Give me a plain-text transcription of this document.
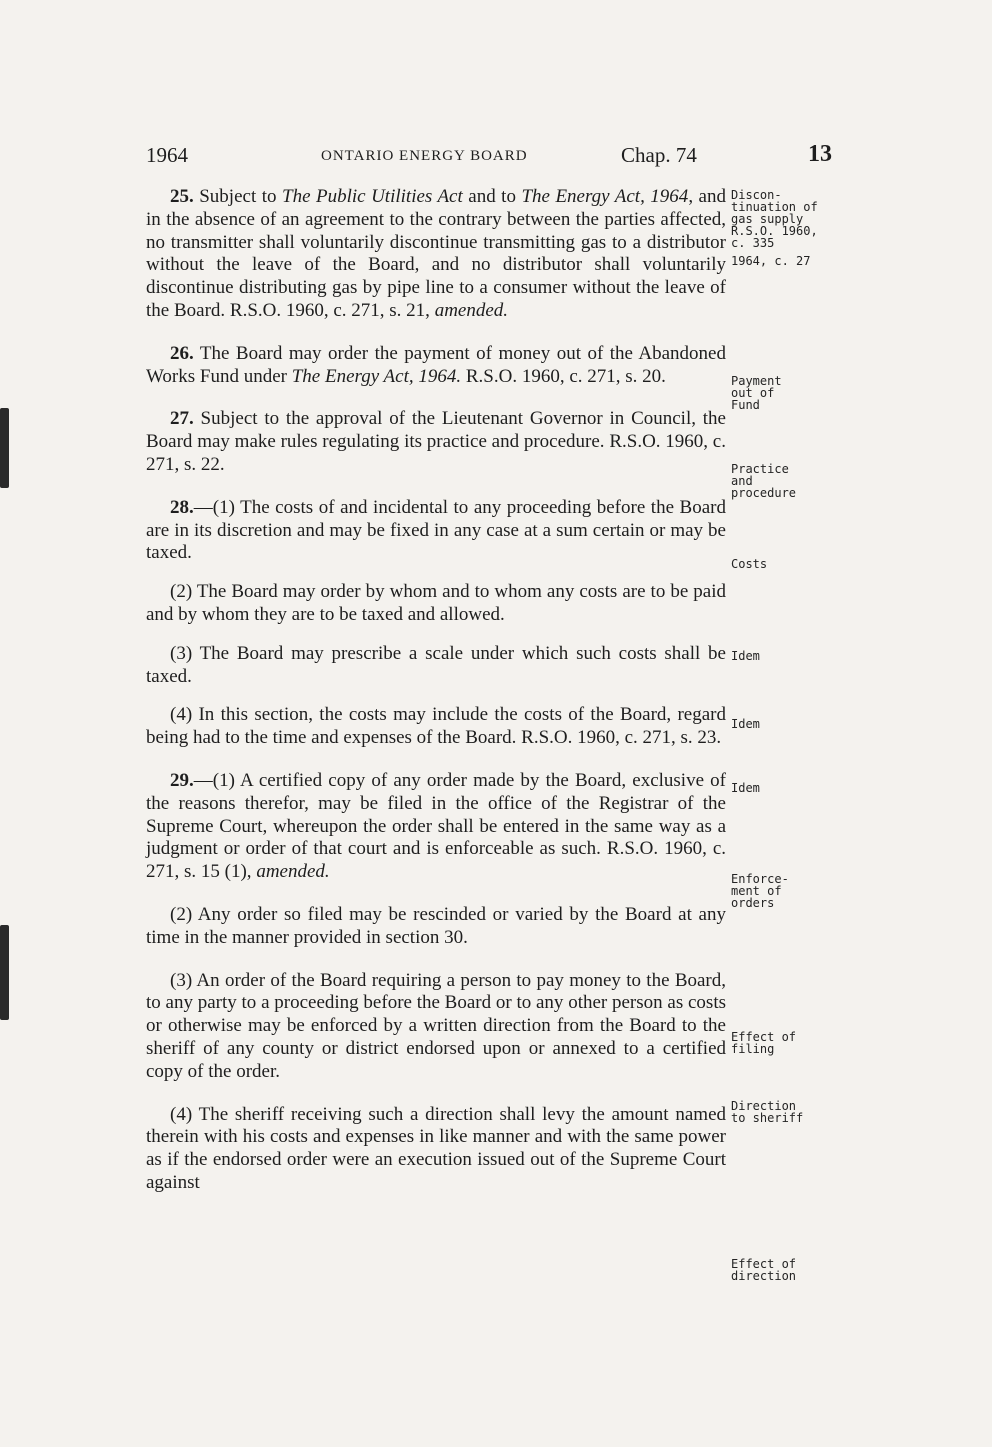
1964	ONTARIO ENERGY BOARD	Chap. 74	13

25. Subject to The Public Utilities Act and to The Energy Act, 1964, and in the absence of an agreement to the contrary between the parties affected, no transmitter shall voluntarily discontinue transmitting gas to a distributor without the leave of the Board, and no distributor shall voluntarily discontinue distributing gas by pipe line to a consumer without the leave of the Board. R.S.O. 1960, c. 271, s. 21, amended.

26. The Board may order the payment of money out of the Abandoned Works Fund under The Energy Act, 1964. R.S.O. 1960, c. 271, s. 20.

27. Subject to the approval of the Lieutenant Governor in Council, the Board may make rules regulating its practice and procedure. R.S.O. 1960, c. 271, s. 22.

28.—(1) The costs of and incidental to any proceeding before the Board are in its discretion and may be fixed in any case at a sum certain or may be taxed.

(2) The Board may order by whom and to whom any costs are to be paid and by whom they are to be taxed and allowed.

(3) The Board may prescribe a scale under which such costs shall be taxed.

(4) In this section, the costs may include the costs of the Board, regard being had to the time and expenses of the Board. R.S.O. 1960, c. 271, s. 23.

29.—(1) A certified copy of any order made by the Board, exclusive of the reasons therefor, may be filed in the office of the Registrar of the Supreme Court, whereupon the order shall be entered in the same way as a judgment or order of that court and is enforceable as such. R.S.O. 1960, c. 271, s. 15 (1), amended.

(2) Any order so filed may be rescinded or varied by the Board at any time in the manner provided in section 30.

(3) An order of the Board requiring a person to pay money to the Board, to any party to a proceeding before the Board or to any other person as costs or otherwise may be enforced by a written direction from the Board to the sheriff of any county or district endorsed upon or annexed to a certified copy of the order.

(4) The sheriff receiving such a direction shall levy the amount named therein with his costs and expenses in like manner and with the same power as if the endorsed order were an execution issued out of the Supreme Court against

Discon-
tinuation of
gas supply
R.S.O. 1960,
c. 335
1964, c. 27
Payment
out of
Fund
Practice
and
procedure
Costs
Idem
Idem
Idem
Enforce-
ment of
orders
Effect of
filing
Direction
to sheriff
Effect of
direction
